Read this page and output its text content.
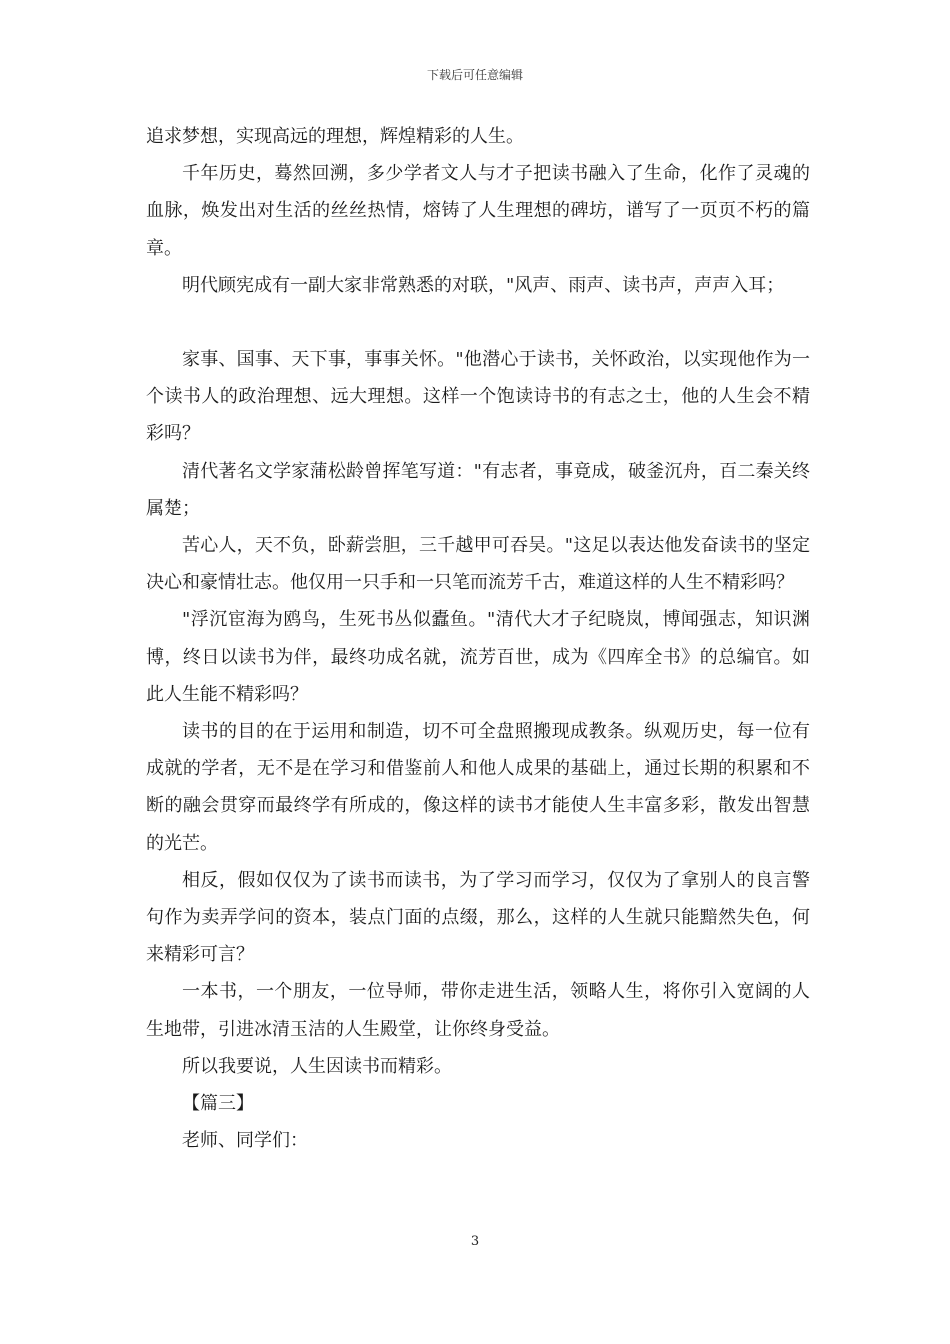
下载后可任意编辑

追求梦想，实现高远的理想，辉煌精彩的人生。

千年历史，蓦然回溯，多少学者文人与才子把读书融入了生命，化作了灵魂的血脉，焕发出对生活的丝丝热情，熔铸了人生理想的碑坊，谱写了一页页不朽的篇章。

明代顾宪成有一副大家非常熟悉的对联，"风声、雨声、读书声，声声入耳；

家事、国事、天下事，事事关怀。"他潜心于读书，关怀政治，以实现他作为一个读书人的政治理想、远大理想。这样一个饱读诗书的有志之士，他的人生会不精彩吗？

清代著名文学家蒲松龄曾挥笔写道："有志者，事竟成，破釜沉舟，百二秦关终属楚；

苦心人，天不负，卧薪尝胆，三千越甲可吞吴。"这足以表达他发奋读书的坚定决心和豪情壮志。他仅用一只手和一只笔而流芳千古，难道这样的人生不精彩吗？

"浮沉宦海为鸥鸟，生死书丛似蠹鱼。"清代大才子纪晓岚，博闻强志，知识渊博，终日以读书为伴，最终功成名就，流芳百世，成为《四库全书》的总编官。如此人生能不精彩吗？

读书的目的在于运用和制造，切不可全盘照搬现成教条。纵观历史，每一位有成就的学者，无不是在学习和借鉴前人和他人成果的基础上，通过长期的积累和不断的融会贯穿而最终学有所成的，像这样的读书才能使人生丰富多彩，散发出智慧的光芒。

相反，假如仅仅为了读书而读书，为了学习而学习，仅仅为了拿别人的良言警句作为卖弄学问的资本，装点门面的点缀，那么，这样的人生就只能黯然失色，何来精彩可言？

一本书，一个朋友，一位导师，带你走进生活，领略人生，将你引入宽阔的人生地带，引进冰清玉洁的人生殿堂，让你终身受益。

所以我要说，人生因读书而精彩。

【篇三】

老师、同学们：

3
